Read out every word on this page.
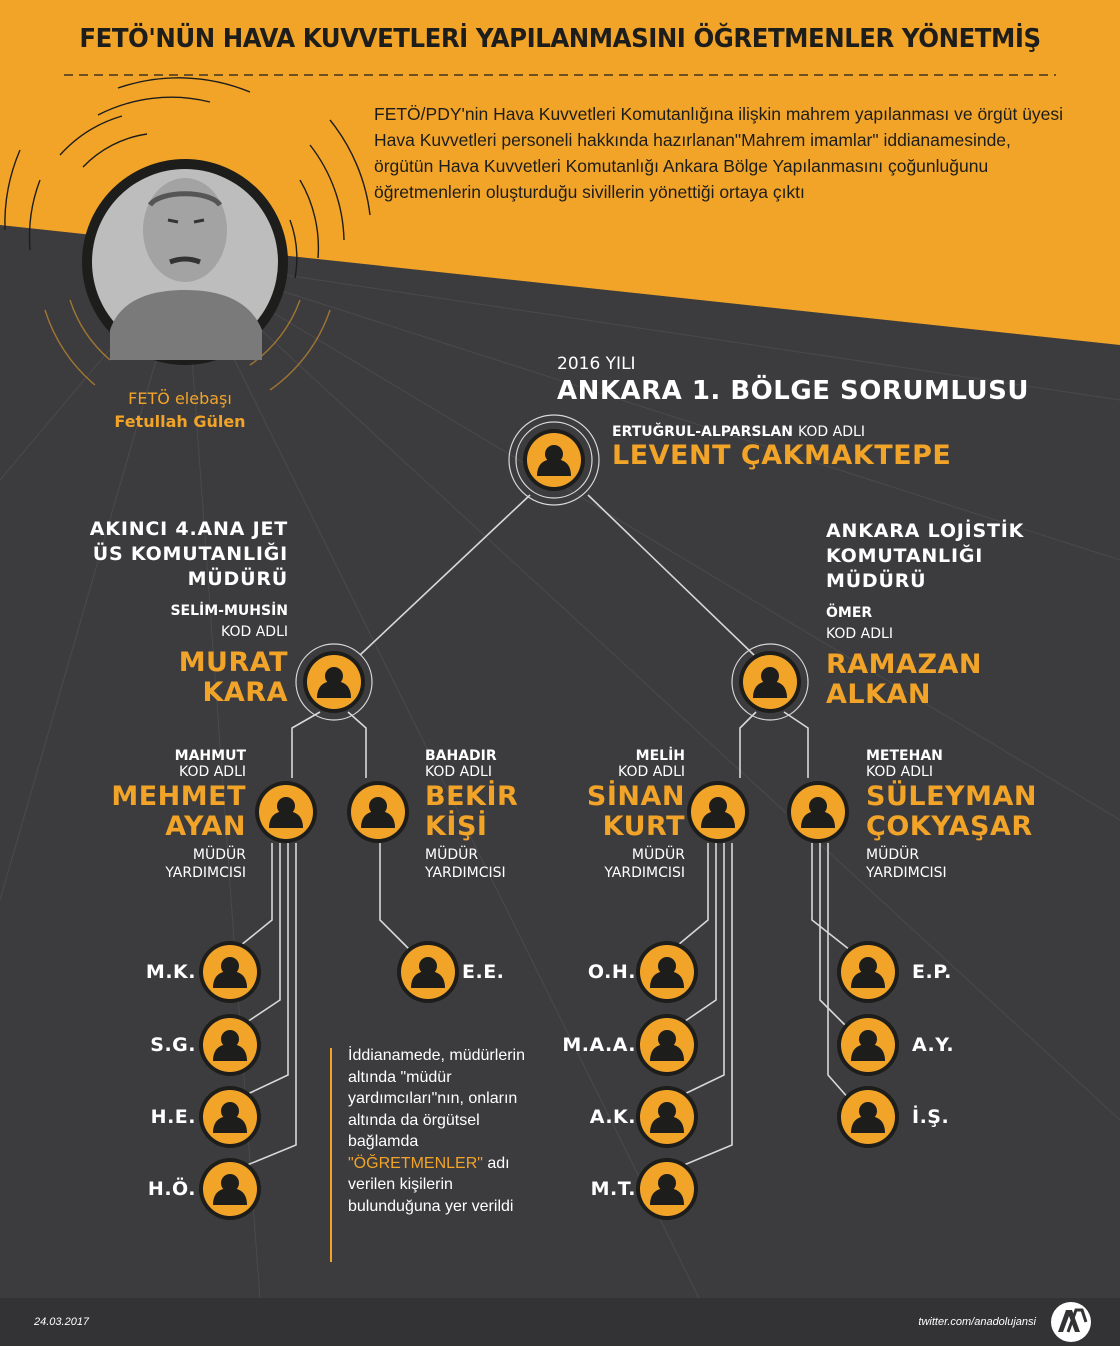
FETÖ'NÜN HAVA KUVVETLERİ YAPILANMASINI ÖĞRETMENLER YÖNETMİŞ
FETÖ/PDY'nin Hava Kuvvetleri Komutanlığına ilişkin mahrem yapılanması ve örgüt üyesi Hava Kuvvetleri personeli hakkında hazırlanan"Mahrem imamlar" iddianamesinde, örgütün Hava Kuvvetleri Komutanlığı Ankara Bölge Yapılanmasını çoğunluğunu öğretmenlerin oluşturduğu sivillerin yönettiği ortaya çıktı
FETÖ elebaşı
Fetullah Gülen
2016 YILI
ANKARA 1. BÖLGE SORUMLUSU
ERTUĞRUL-ALPARSLAN KOD ADLI
LEVENT ÇAKMAKTEPE
AKINCI 4.ANA JET
ÜS KOMUTANLIĞI
MÜDÜRÜ
SELİM-MUHSİN
KOD ADLI
MURAT
KARA
ANKARA LOJİSTİK
KOMUTANLIĞI
MÜDÜRÜ
ÖMER
KOD ADLI
RAMAZAN
ALKAN
MAHMUT
KOD ADLI
MEHMET
AYAN
MÜDÜR
YARDIMCISI
BAHADIR
KOD ADLI
BEKİR
KİŞİ
MÜDÜR
YARDIMCISI
MELİH
KOD ADLI
SİNAN
KURT
MÜDÜR
YARDIMCISI
METEHAN
KOD ADLI
SÜLEYMAN
ÇOKYAŞAR
MÜDÜR
YARDIMCISI
M.K.
S.G.
H.E.
H.Ö.
E.E.	O.H.
M.A.A.
A.K.
M.T.
E.P.
A.Y.
İ.Ş.
İddianamede, müdürlerin altında "müdür yardımcıları"nın, onların altında da örgütsel bağlamda "ÖĞRETMENLER" adı verilen kişilerin bulunduğuna yer verildi
24.03.2017	twitter.com/anadolujansi
